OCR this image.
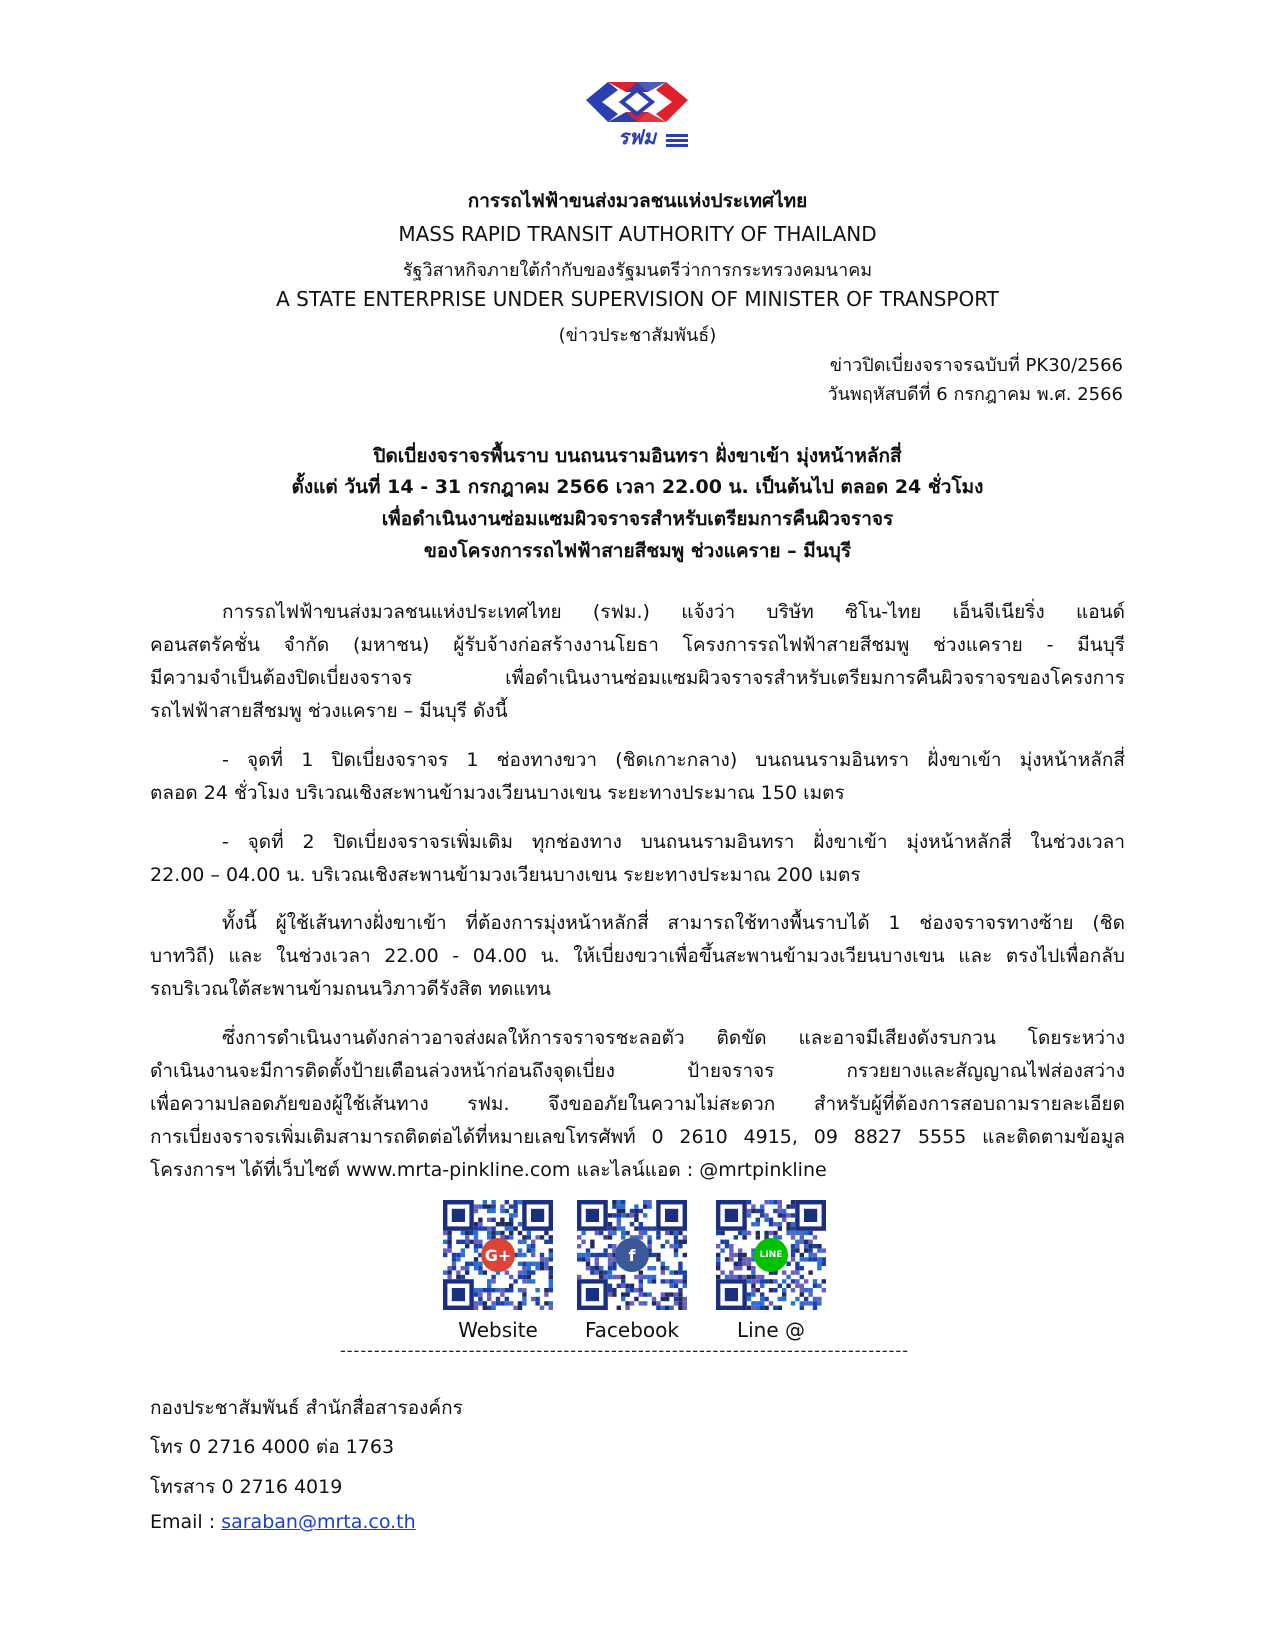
รฟม
การรถไฟฟ้าขนส่งมวลชนแห่งประเทศไทย
MASS RAPID TRANSIT AUTHORITY OF THAILAND
รัฐวิสาหกิจภายใต้กำกับของรัฐมนตรีว่าการกระทรวงคมนาคม
A STATE ENTERPRISE UNDER SUPERVISION OF MINISTER OF TRANSPORT
(ข่าวประชาสัมพันธ์)
ข่าวปิดเบี่ยงจราจรฉบับที่ PK30/2566
วันพฤหัสบดีที่ 6 กรกฎาคม พ.ศ. 2566
ปิดเบี่ยงจราจรพื้นราบ บนถนนรามอินทรา ฝั่งขาเข้า มุ่งหน้าหลักสี่
ตั้งแต่ วันที่ 14 - 31 กรกฎาคม 2566 เวลา 22.00 น. เป็นต้นไป ตลอด 24 ชั่วโมง
เพื่อดำเนินงานซ่อมแซมผิวจราจรสำหรับเตรียมการคืนผิวจราจร
ของโครงการรถไฟฟ้าสายสีชมพู ช่วงแคราย – มีนบุรี
การรถไฟฟ้าขนส่งมวลชนแห่งประเทศไทย (รฟม.) แจ้งว่า บริษัท ซิโน-ไทย เอ็นจีเนียริ่ง แอนด์
คอนสตรัคชั่น จำกัด (มหาชน) ผู้รับจ้างก่อสร้างงานโยธา โครงการรถไฟฟ้าสายสีชมพู ช่วงแคราย - มีนบุรี
มีความจำเป็นต้องปิดเบี่ยงจราจร เพื่อดำเนินงานซ่อมแซมผิวจราจรสำหรับเตรียมการคืนผิวจราจรของโครงการ
รถไฟฟ้าสายสีชมพู ช่วงแคราย – มีนบุรี ดังนี้
- จุดที่ 1 ปิดเบี่ยงจราจร 1 ช่องทางขวา (ชิดเกาะกลาง) บนถนนรามอินทรา ฝั่งขาเข้า มุ่งหน้าหลักสี่
ตลอด 24 ชั่วโมง บริเวณเชิงสะพานข้ามวงเวียนบางเขน ระยะทางประมาณ 150 เมตร
- จุดที่ 2 ปิดเบี่ยงจราจรเพิ่มเติม ทุกช่องทาง บนถนนรามอินทรา ฝั่งขาเข้า มุ่งหน้าหลักสี่ ในช่วงเวลา
22.00 – 04.00 น. บริเวณเชิงสะพานข้ามวงเวียนบางเขน ระยะทางประมาณ 200 เมตร
ทั้งนี้ ผู้ใช้เส้นทางฝั่งขาเข้า ที่ต้องการมุ่งหน้าหลักสี่ สามารถใช้ทางพื้นราบได้ 1 ช่องจราจรทางซ้าย (ชิด
บาทวิถี) และ ในช่วงเวลา 22.00 - 04.00 น. ให้เบี่ยงขวาเพื่อขึ้นสะพานข้ามวงเวียนบางเขน และ ตรงไปเพื่อกลับ
รถบริเวณใต้สะพานข้ามถนนวิภาวดีรังสิต ทดแทน
ซึ่งการดำเนินงานดังกล่าวอาจส่งผลให้การจราจรชะลอตัว ติดขัด และอาจมีเสียงดังรบกวน โดยระหว่าง
ดำเนินงานจะมีการติดตั้งป้ายเตือนล่วงหน้าก่อนถึงจุดเบี่ยง ป้ายจราจร กรวยยางและสัญญาณไฟส่องสว่าง
เพื่อความปลอดภัยของผู้ใช้เส้นทาง รฟม. จึงขออภัยในความไม่สะดวก สำหรับผู้ที่ต้องการสอบถามรายละเอียด
การเบี่ยงจราจรเพิ่มเติมสามารถติดต่อได้ที่หมายเลขโทรศัพท์ 0 2610 4915, 09 8827 5555 และติดตามข้อมูล
โครงการฯ ได้ที่เว็บไซต์ www.mrta-pinkline.com และไลน์แอด : @mrtpinkline
G+	f	LINE
Website	Facebook	Line @
------------------------------------------------------------------------------------
กองประชาสัมพันธ์ สำนักสื่อสารองค์กร
โทร 0 2716 4000 ต่อ 1763
โทรสาร 0 2716 4019
Email : saraban@mrta.co.th
